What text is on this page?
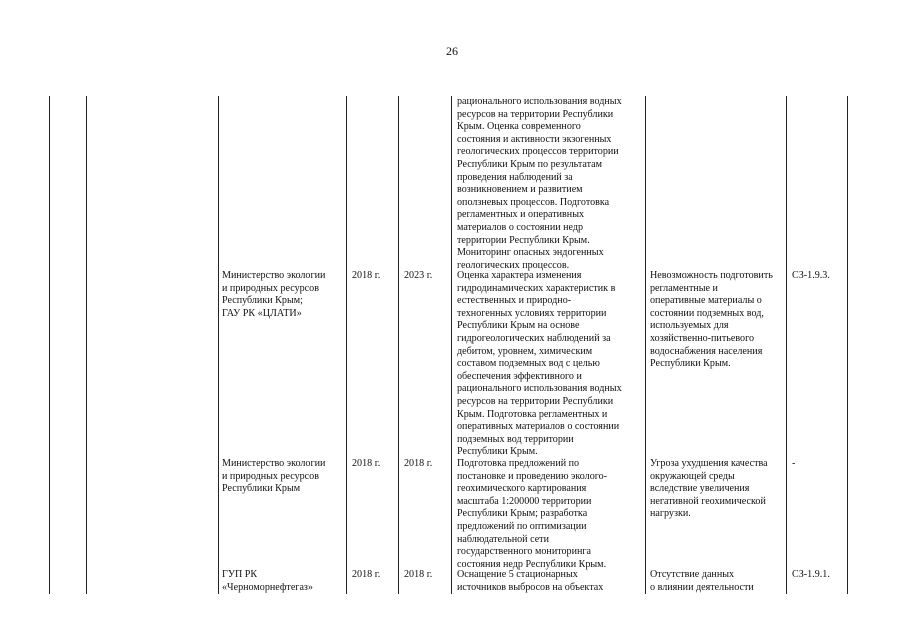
26
рационального использования водных
ресурсов на территории Республики
Крым. Оценка современного
состояния и активности экзогенных
геологических процессов территории
Республики Крым по результатам
проведения наблюдений за
возникновением и развитием
оползневых процессов. Подготовка
регламентных и оперативных
материалов о состоянии недр
территории Республики Крым.
Мониторинг опасных эндогенных
геологических процессов.
Министерство экологии
и природных ресурсов
Республики Крым;
ГАУ РК «ЦЛАТИ»
2018 г. 2023 г. Оценка характера изменения
гидродинамических характеристик в
естественных и природно-
техногенных условиях территории
Республики Крым на основе
гидрогеологических наблюдений за
дебитом, уровнем, химическим
составом подземных вод с целью
обеспечения эффективного и
рационального использования водных
ресурсов на территории Республики
Крым. Подготовка регламентных и
оперативных материалов о состоянии
подземных вод территории
Республики Крым.
Невозможность подготовить
регламентные и
оперативные материалы о
состоянии подземных вод,
используемых для
хозяйственно-питьевого
водоснабжения населения
Республики Крым.
СЗ-1.9.3.
Министерство экологии
и природных ресурсов
Республики Крым
2018 г. 2018 г. Подготовка предложений по
постановке и проведению эколого-
геохимического картирования
масштаба 1:200000 территории
Республики Крым; разработка
предложений по оптимизации
наблюдательной сети
государственного мониторинга
состояния недр Республики Крым.
Угроза ухудшения качества
окружающей среды
вследствие увеличения
негативной геохимической
нагрузки.
-
ГУП РК
«Черноморнефтегаз»
2018 г. 2018 г. Оснащение 5 стационарных
источников выбросов на объектах
Отсутствие данных
о влиянии деятельности
СЗ-1.9.1.
